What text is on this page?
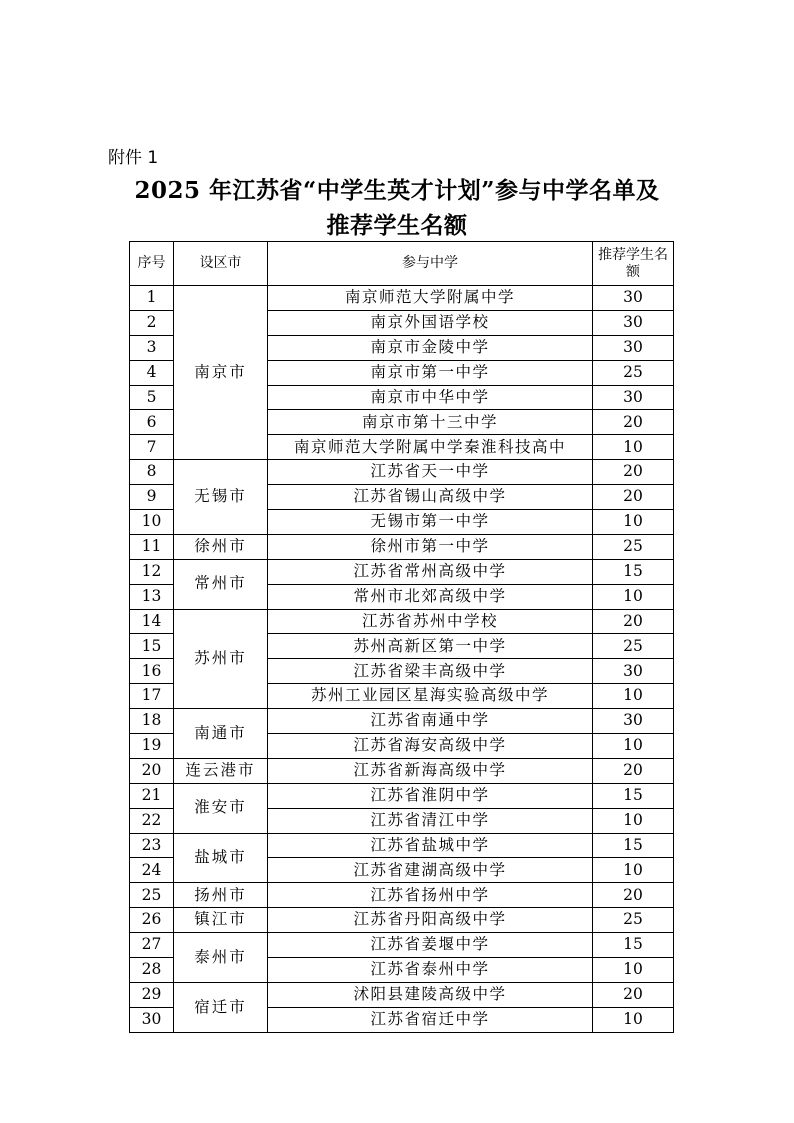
附件 1
2025 年江苏省“中学生英才计划”参与中学名单及
推荐学生名额
序号	设区市	参与中学	推荐学生名额
1	南京市	南京师范大学附属中学	30
2		南京外国语学校	30
3		南京市金陵中学	30
4		南京市第一中学	25
5		南京市中华中学	30
6		南京市第十三中学	20
7		南京师范大学附属中学秦淮科技高中	10
8	无锡市	江苏省天一中学	20
9		江苏省锡山高级中学	20
10		无锡市第一中学	10
11	徐州市	徐州市第一中学	25
12	常州市	江苏省常州高级中学	15
13		常州市北郊高级中学	10
14	苏州市	江苏省苏州中学校	20
15		苏州高新区第一中学	25
16		江苏省梁丰高级中学	30
17		苏州工业园区星海实验高级中学	10
18	南通市	江苏省南通中学	30
19		江苏省海安高级中学	10
20	连云港市	江苏省新海高级中学	20
21	淮安市	江苏省淮阴中学	15
22		江苏省清江中学	10
23	盐城市	江苏省盐城中学	15
24		江苏省建湖高级中学	10
25	扬州市	江苏省扬州中学	20
26	镇江市	江苏省丹阳高级中学	25
27	泰州市	江苏省姜堰中学	15
28		江苏省泰州中学	10
29	宿迁市	沭阳县建陵高级中学	20
30		江苏省宿迁中学	10
